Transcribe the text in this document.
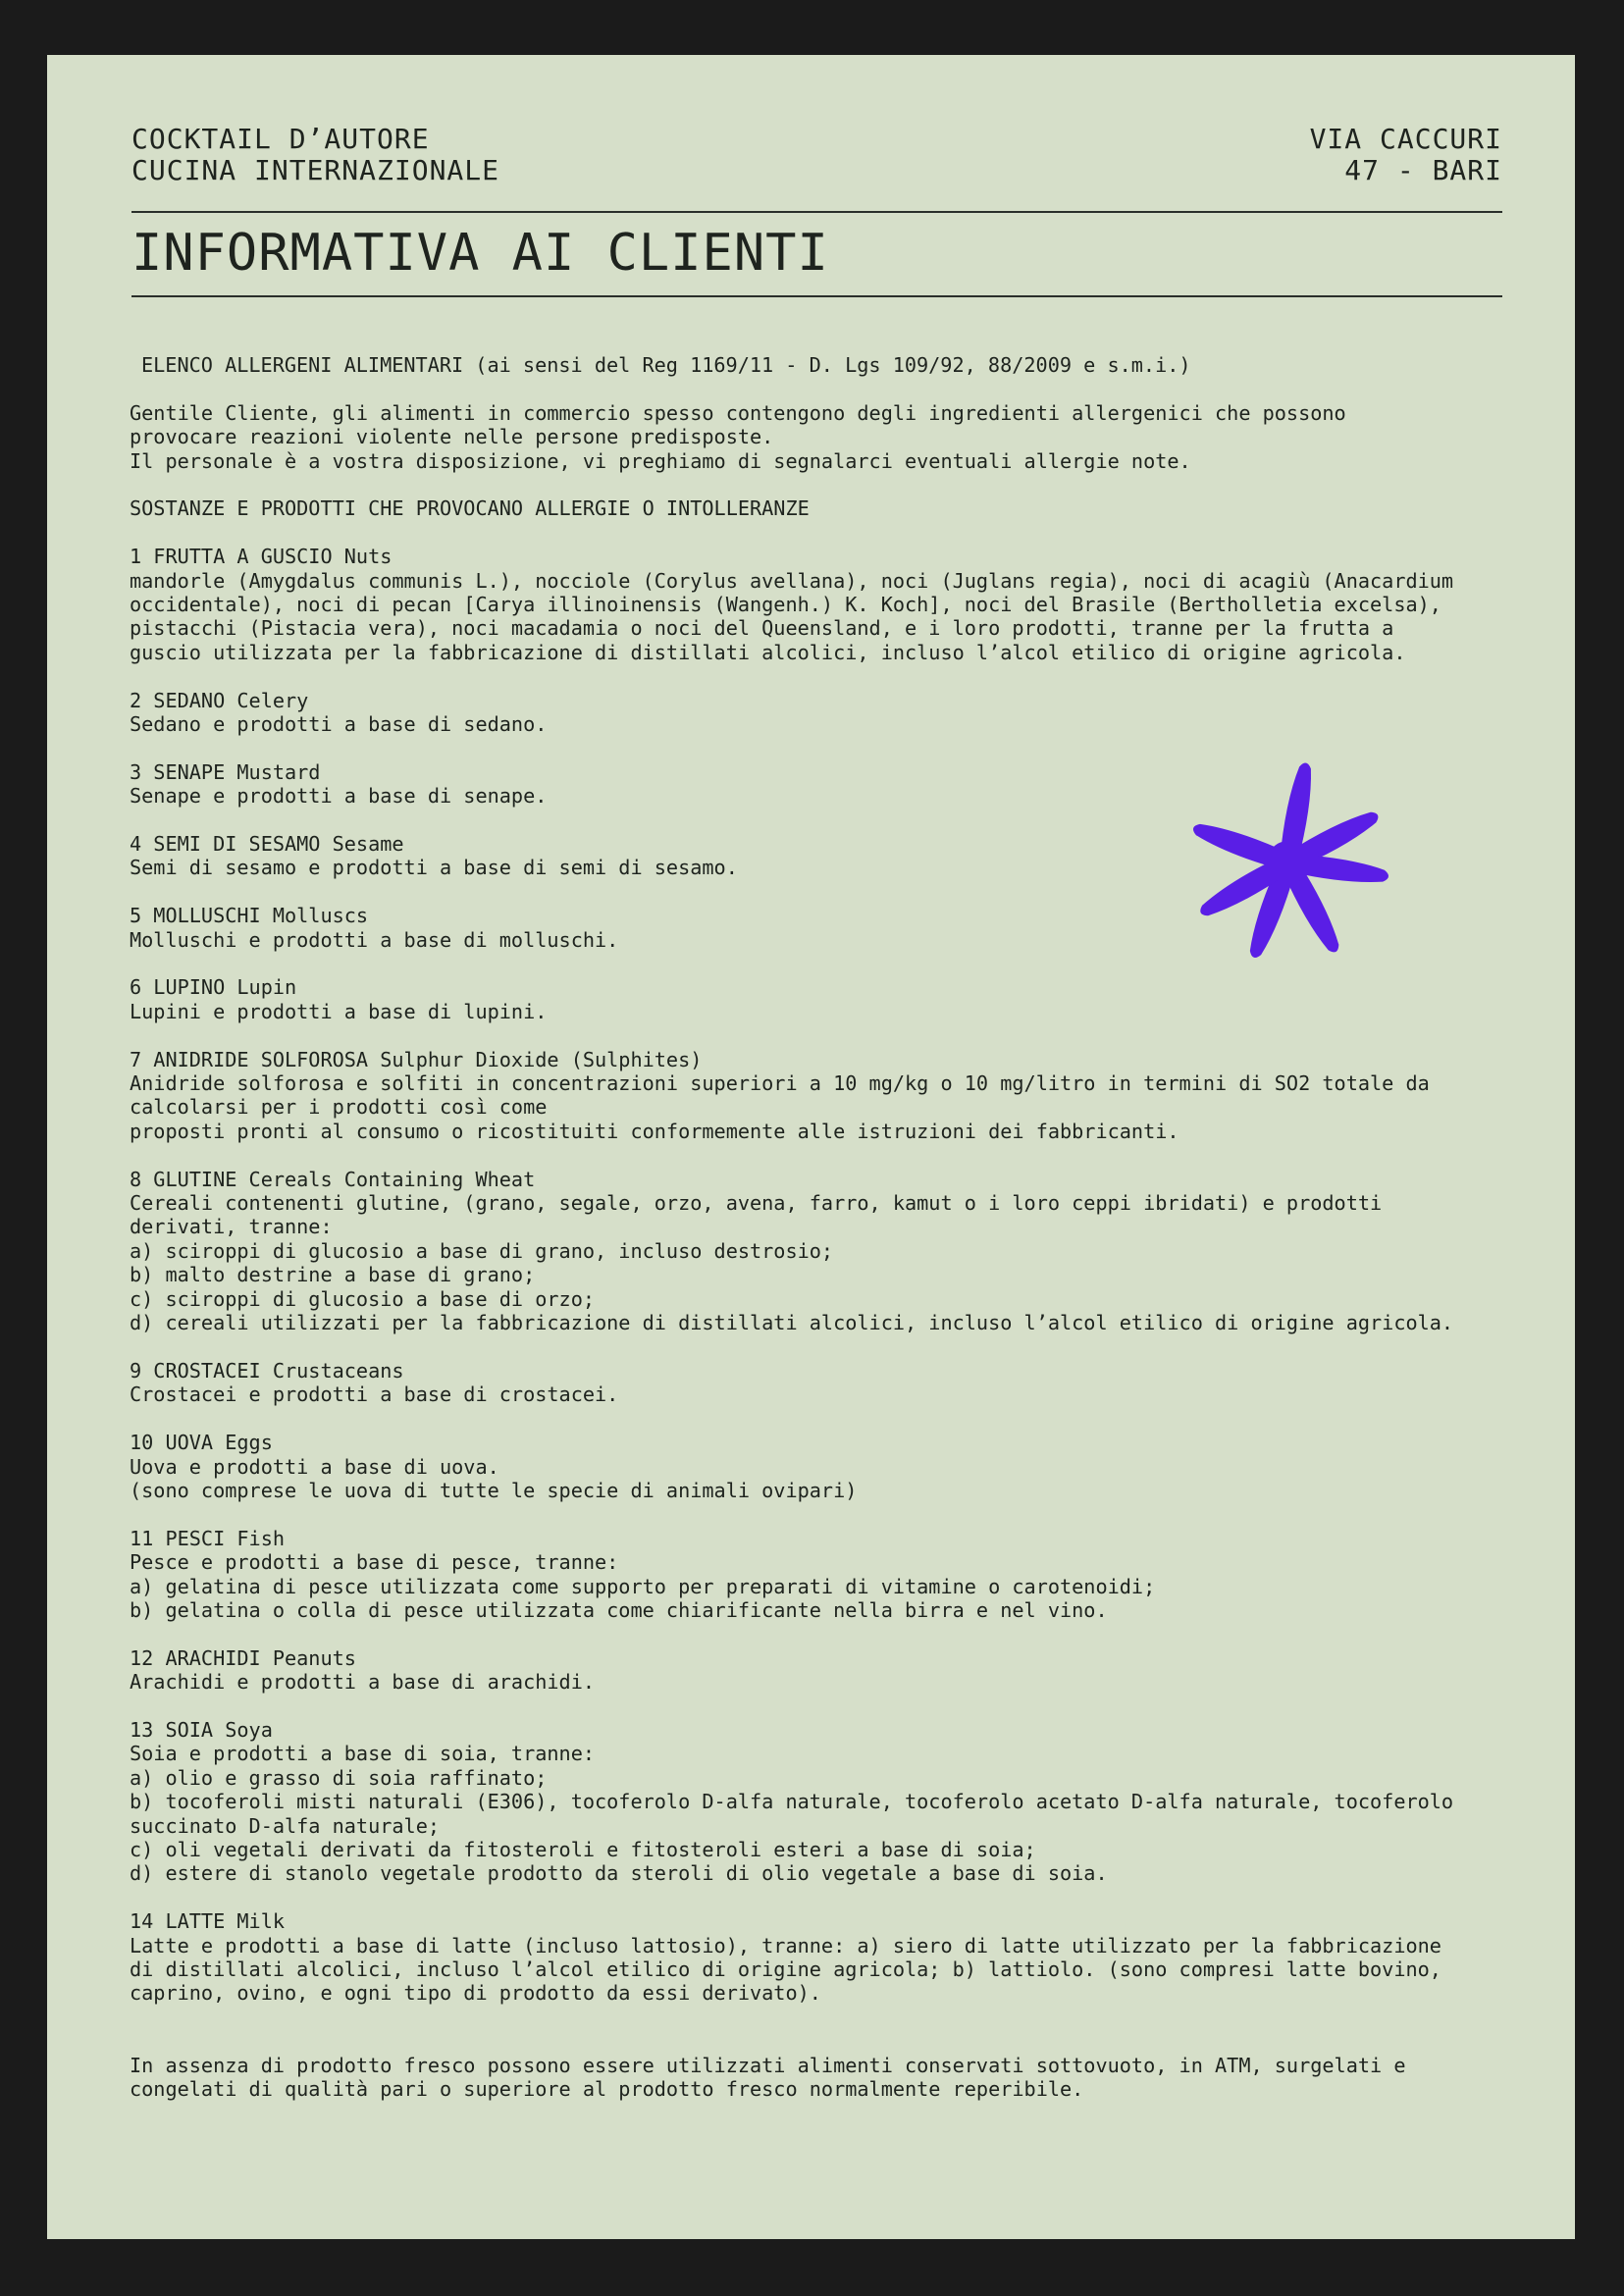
COCKTAIL D’AUTORE
CUCINA INTERNAZIONALE
VIA CACCURI
47 - BARI
INFORMATIVA AI CLIENTI

ELENCO ALLERGENI ALIMENTARI (ai sensi del Reg 1169/11 - D. Lgs 109/92, 88/2009 e s.m.i.)

Gentile Cliente, gli alimenti in commercio spesso contengono degli ingredienti allergenici che possono
provocare reazioni violente nelle persone predisposte.
Il personale è a vostra disposizione, vi preghiamo di segnalarci eventuali allergie note.

SOSTANZE E PRODOTTI CHE PROVOCANO ALLERGIE O INTOLLERANZE

1 FRUTTA A GUSCIO Nuts
mandorle (Amygdalus communis L.), nocciole (Corylus avellana), noci (Juglans regia), noci di acagiù (Anacardium
occidentale), noci di pecan [Carya illinoinensis (Wangenh.) K. Koch], noci del Brasile (Bertholletia excelsa),
pistacchi (Pistacia vera), noci macadamia o noci del Queensland, e i loro prodotti, tranne per la frutta a
guscio utilizzata per la fabbricazione di distillati alcolici, incluso l’alcol etilico di origine agricola.
2 SEDANO Celery
Sedano e prodotti a base di sedano.
3 SENAPE Mustard
Senape e prodotti a base di senape.
4 SEMI DI SESAMO Sesame
Semi di sesamo e prodotti a base di semi di sesamo.
5 MOLLUSCHI Molluscs
Molluschi e prodotti a base di molluschi.
6 LUPINO Lupin
Lupini e prodotti a base di lupini.
7 ANIDRIDE SOLFOROSA Sulphur Dioxide (Sulphites)
Anidride solforosa e solfiti in concentrazioni superiori a 10 mg/kg o 10 mg/litro in termini di SO2 totale da
calcolarsi per i prodotti così come
proposti pronti al consumo o ricostituiti conformemente alle istruzioni dei fabbricanti.
8 GLUTINE Cereals Containing Wheat
Cereali contenenti glutine, (grano, segale, orzo, avena, farro, kamut o i loro ceppi ibridati) e prodotti
derivati, tranne:
a) sciroppi di glucosio a base di grano, incluso destrosio;
b) malto destrine a base di grano;
c) sciroppi di glucosio a base di orzo;
d) cereali utilizzati per la fabbricazione di distillati alcolici, incluso l’alcol etilico di origine agricola.
9 CROSTACEI Crustaceans
Crostacei e prodotti a base di crostacei.
10 UOVA Eggs
Uova e prodotti a base di uova.
(sono comprese le uova di tutte le specie di animali ovipari)
11 PESCI Fish
Pesce e prodotti a base di pesce, tranne:
a) gelatina di pesce utilizzata come supporto per preparati di vitamine o carotenoidi;
b) gelatina o colla di pesce utilizzata come chiarificante nella birra e nel vino.
12 ARACHIDI Peanuts
Arachidi e prodotti a base di arachidi.
13 SOIA Soya
Soia e prodotti a base di soia, tranne:
a) olio e grasso di soia raffinato;
b) tocoferoli misti naturali (E306), tocoferolo D-alfa naturale, tocoferolo acetato D-alfa naturale, tocoferolo
succinato D-alfa naturale;
c) oli vegetali derivati da fitosteroli e fitosteroli esteri a base di soia;
d) estere di stanolo vegetale prodotto da steroli di olio vegetale a base di soia.
14 LATTE Milk
Latte e prodotti a base di latte (incluso lattosio), tranne: a) siero di latte utilizzato per la fabbricazione
di distillati alcolici, incluso l’alcol etilico di origine agricola; b) lattiolo. (sono compresi latte bovino,
caprino, ovino, e ogni tipo di prodotto da essi derivato).

In assenza di prodotto fresco possono essere utilizzati alimenti conservati sottovuoto, in ATM, surgelati e
congelati di qualità pari o superiore al prodotto fresco normalmente reperibile.
